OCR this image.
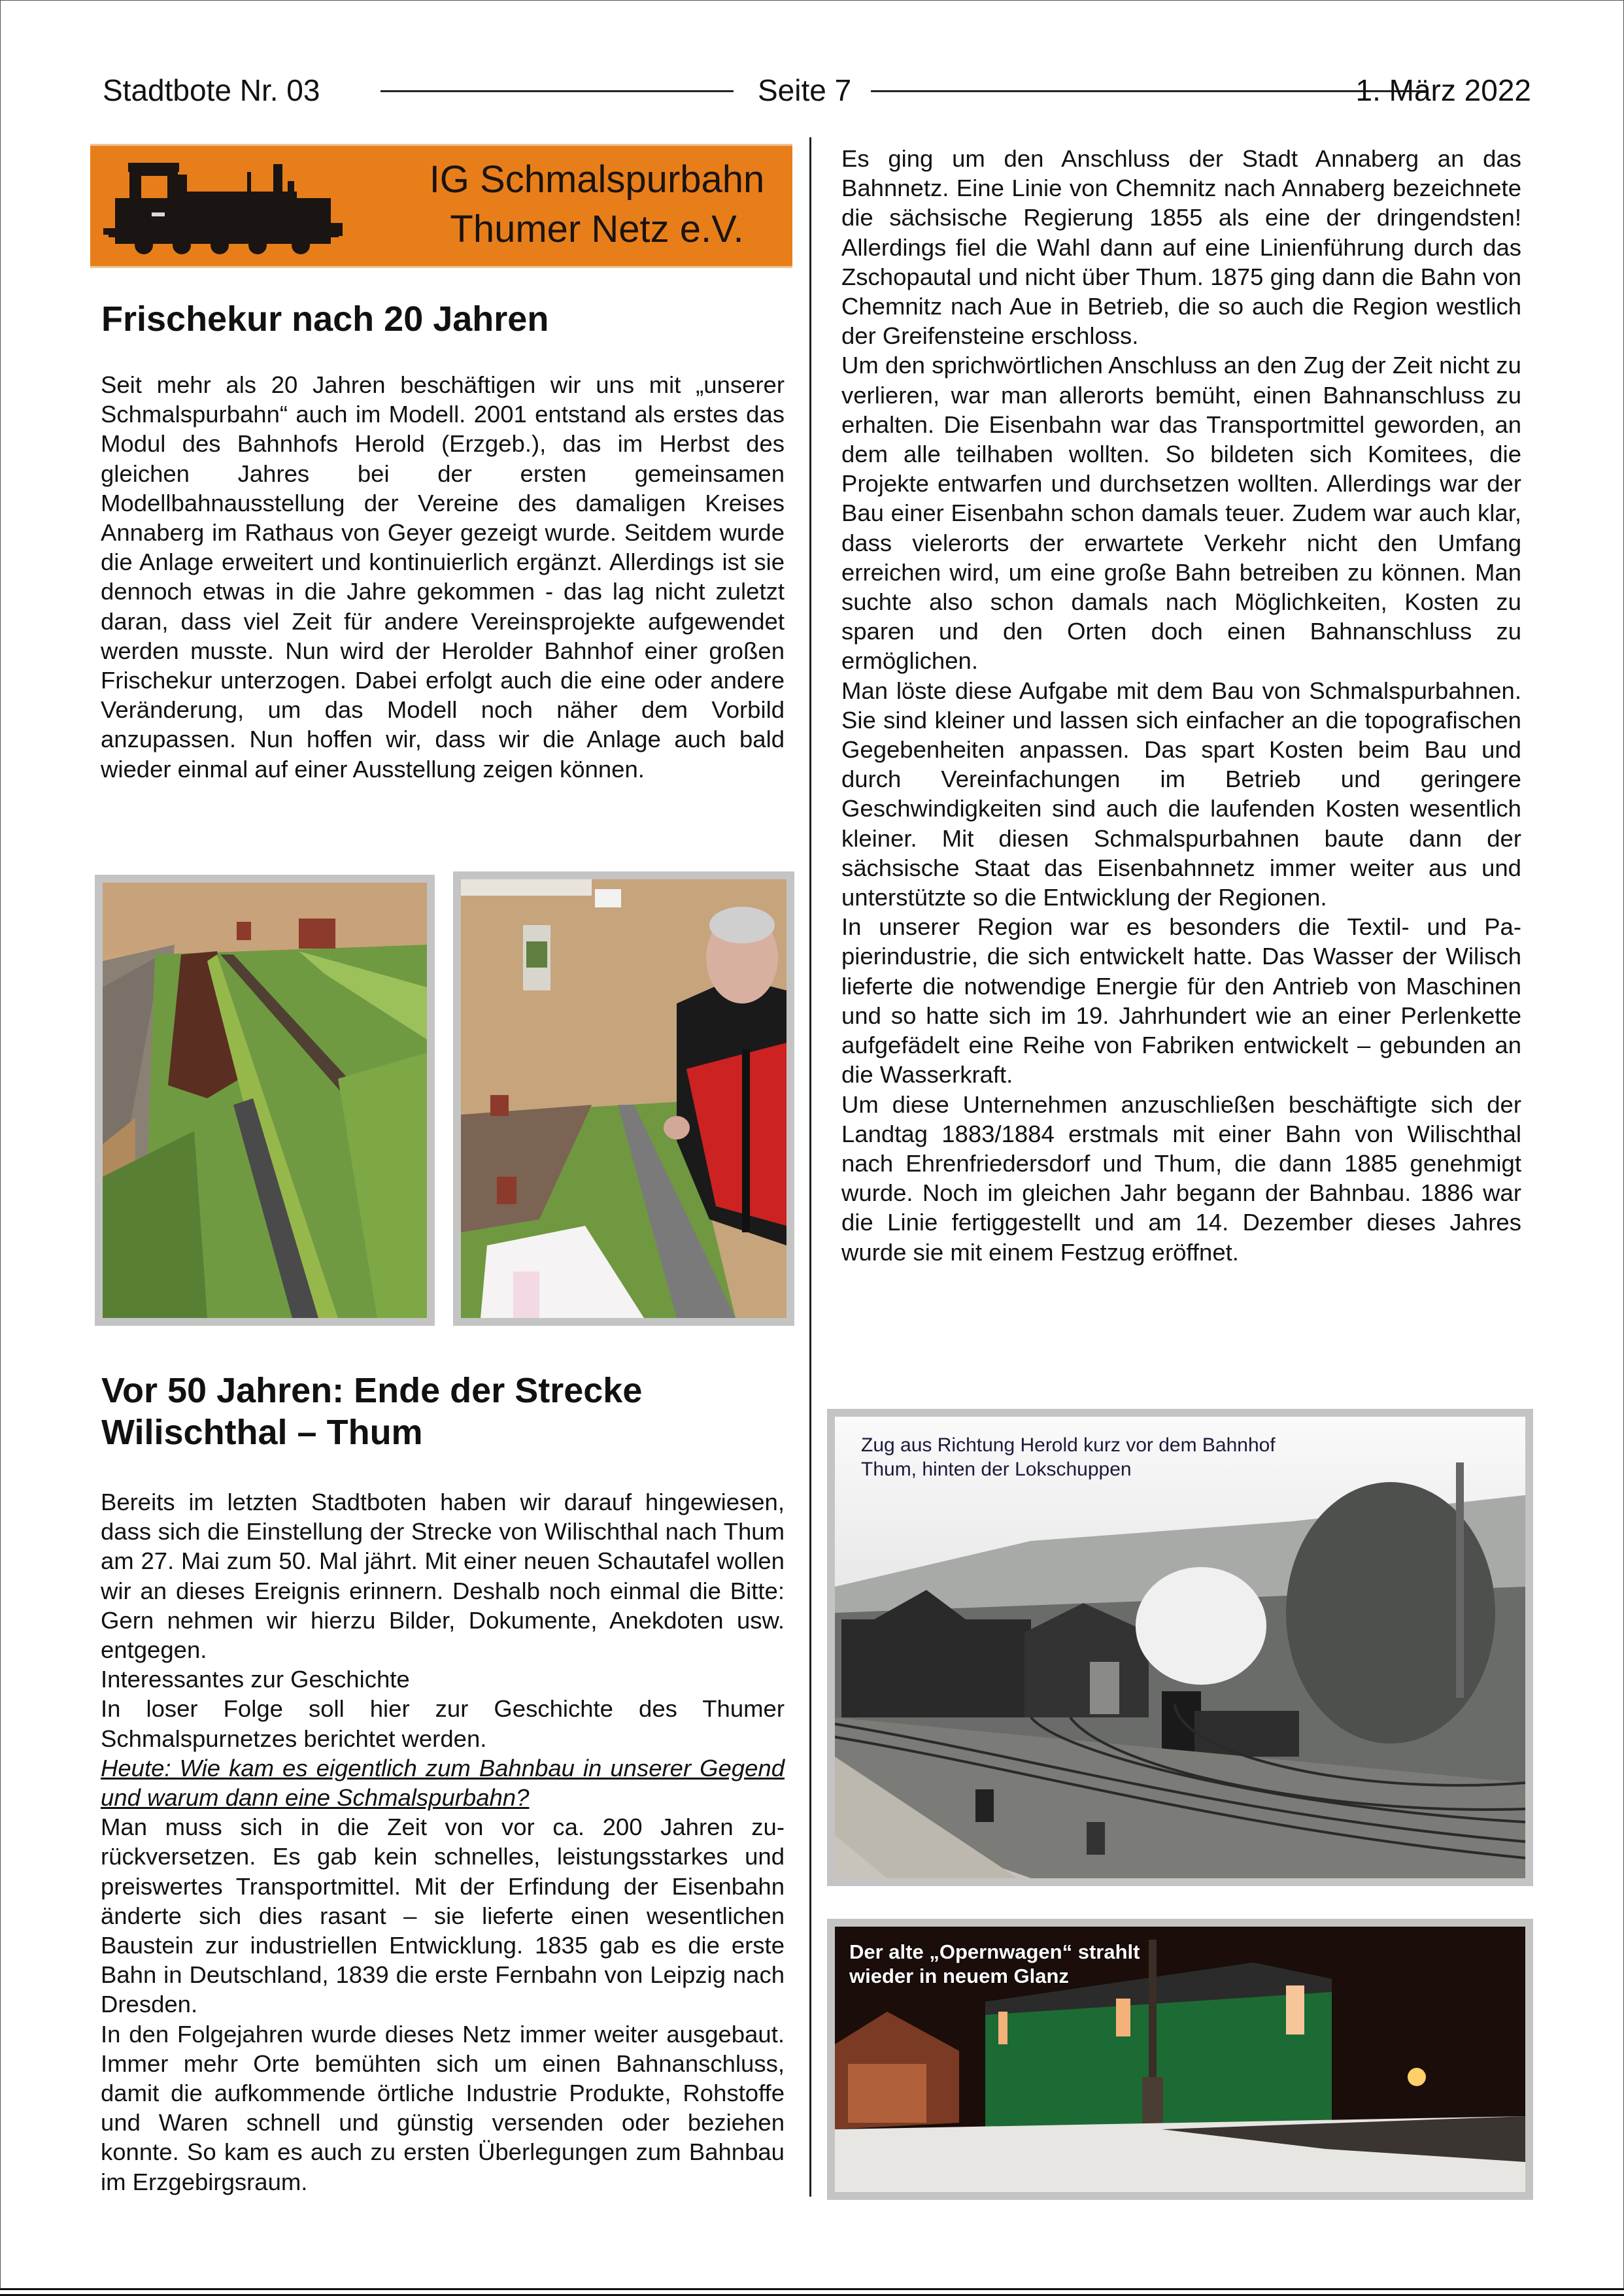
Stadtbote Nr. 03	Seite 7	1. März 2022
IG Schmalspurbahn
Thumer Netz e.V.
Frischekur nach 20 Jahren

Seit mehr als 20 Jahren beschäftigen wir uns mit „unserer Schmalspurbahn“ auch im Modell. 2001 entstand als erstes das Modul des Bahnhofs Herold (Erzgeb.), das im Herbst des gleichen Jahres bei der ersten gemeinsamen Modellbahnausstellung der Vereine des damaligen Kreises Annaberg im Rathaus von Geyer gezeigt wurde. Seitdem wurde die Anlage erweitert und kontinuierlich ergänzt. Allerdings ist sie dennoch etwas in die Jahre gekommen - das lag nicht zuletzt daran, dass viel Zeit für andere Vereinsprojekte aufgewendet werden musste. Nun wird der Herolder Bahnhof einer großen Frischekur unterzogen. Dabei erfolgt auch die eine oder andere Veränderung, um das Modell noch näher dem Vorbild anzupassen. Nun hoffen wir, dass wir die Anlage auch bald wieder einmal auf einer Ausstellung zeigen können.

Vor 50 Jahren: Ende der Strecke Wilischthal – Thum

Bereits im letzten Stadtboten haben wir darauf hingewiesen, dass sich die Einstellung der Strecke von Wilischthal nach Thum am 27. Mai zum 50. Mal jährt. Mit einer neuen Schautafel wollen wir an dieses Ereignis erinnern. Deshalb noch einmal die Bitte: Gern nehmen wir hierzu Bilder, Dokumente, Anekdoten usw. entgegen.

Interessantes zur Geschichte

In loser Folge soll hier zur Geschichte des Thumer Schmalspurnetzes berichtet werden.

Heute: Wie kam es eigentlich zum Bahnbau in unserer Gegend und warum dann eine Schmalspurbahn?

Man muss sich in die Zeit von vor ca. 200 Jahren zurückversetzen. Es gab kein schnelles, leistungsstarkes und preiswertes Transportmittel. Mit der Erfindung der Eisenbahn änderte sich dies rasant – sie lieferte einen wesentlichen Baustein zur industriellen Entwicklung. 1835 gab es die erste Bahn in Deutschland, 1839 die erste Fernbahn von Leipzig nach Dresden.

In den Folgejahren wurde dieses Netz immer weiter ausgebaut. Immer mehr Orte bemühten sich um einen Bahnanschluss, damit die aufkommende örtliche Industrie Produkte, Rohstoffe und Waren schnell und günstig versenden oder beziehen konnte. So kam es auch zu ersten Überlegungen zum Bahnbau im Erzgebirgsraum.

Es ging um den Anschluss der Stadt Annaberg an das Bahnnetz. Eine Linie von Chemnitz nach Annaberg bezeichnete die sächsische Regierung 1855 als eine der dringendsten! Allerdings fiel die Wahl dann auf eine Linienführung durch das Zschopautal und nicht über Thum. 1875 ging dann die Bahn von Chemnitz nach Aue in Betrieb, die so auch die Region westlich der Greifensteine erschloss.

Um den sprichwörtlichen Anschluss an den Zug der Zeit nicht zu verlieren, war man allerorts bemüht, einen Bahnanschluss zu erhalten. Die Eisenbahn war das Transportmittel geworden, an dem alle teilhaben wollten. So bildeten sich Komitees, die Projekte entwarfen und durchsetzen wollten. Allerdings war der Bau einer Eisenbahn schon damals teuer. Zudem war auch klar, dass vielerorts der erwartete Verkehr nicht den Umfang erreichen wird, um eine große Bahn betreiben zu können. Man suchte also schon damals nach Möglichkeiten, Kosten zu sparen und den Orten doch einen Bahnanschluss zu ermöglichen.

Man löste diese Aufgabe mit dem Bau von Schmalspurbahnen. Sie sind kleiner und lassen sich einfacher an die topografischen Gegebenheiten anpassen. Das spart Kosten beim Bau und durch Vereinfachungen im Betrieb und geringere Geschwindigkeiten sind auch die laufenden Kosten wesentlich kleiner. Mit diesen Schmalspurbahnen baute dann der sächsische Staat das Eisenbahnnetz immer weiter aus und unterstützte so die Entwicklung der Regionen.

In unserer Region war es besonders die Textil- und Papierindustrie, die sich entwickelt hatte. Das Wasser der Wilisch lieferte die notwendige Energie für den Antrieb von Maschinen und so hatte sich im 19. Jahrhundert wie an einer Perlenkette aufgefädelt eine Reihe von Fabriken entwickelt – gebunden an die Wasserkraft.

Um diese Unternehmen anzuschließen beschäftigte sich der Landtag 1883/1884 erstmals mit einer Bahn von Wilischthal nach Ehrenfriedersdorf und Thum, die dann 1885 genehmigt wurde. Noch im gleichen Jahr begann der Bahnbau. 1886 war die Linie fertiggestellt und am 14. Dezember dieses Jahres wurde sie mit einem Festzug eröffnet.

Zug aus Richtung Herold kurz vor dem Bahnhof
Thum, hinten der Lokschuppen
Der alte „Opernwagen“ strahlt
wieder in neuem Glanz
